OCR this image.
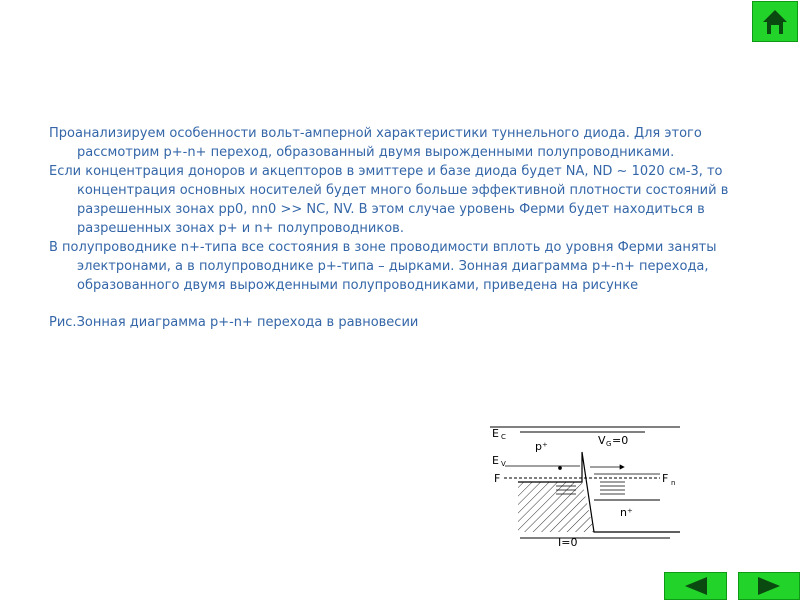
Проанализируем особенности вольт-амперной характеристики туннельного диода. Для этого рассмотрим p+-n+ переход, образованный двумя вырожденными полупроводниками.

Если концентрация доноров и акцепторов в эмиттере и базе диода будет NA, ND ~ 1020 см-3, то концентрация основных носителей будет много больше эффективной плотности состояний в разрешенных зонах pp0, nn0 >> NC, NV. В этом случае уровень Ферми будет находиться в разрешенных зонах p+ и n+ полупроводников.

В полупроводнике n+-типа все состояния в зоне проводимости вплоть до уровня Ферми заняты электронами, а в полупроводнике p+-типа – дырками. Зонная диаграмма p+-n+ перехода, образованного двумя вырожденными полупроводниками, приведена на рисунке

Рис.Зонная диаграмма p+-n+ перехода в равновесии

E C
p⁺	V G =0
E V
F	F n
n⁺
I=0
